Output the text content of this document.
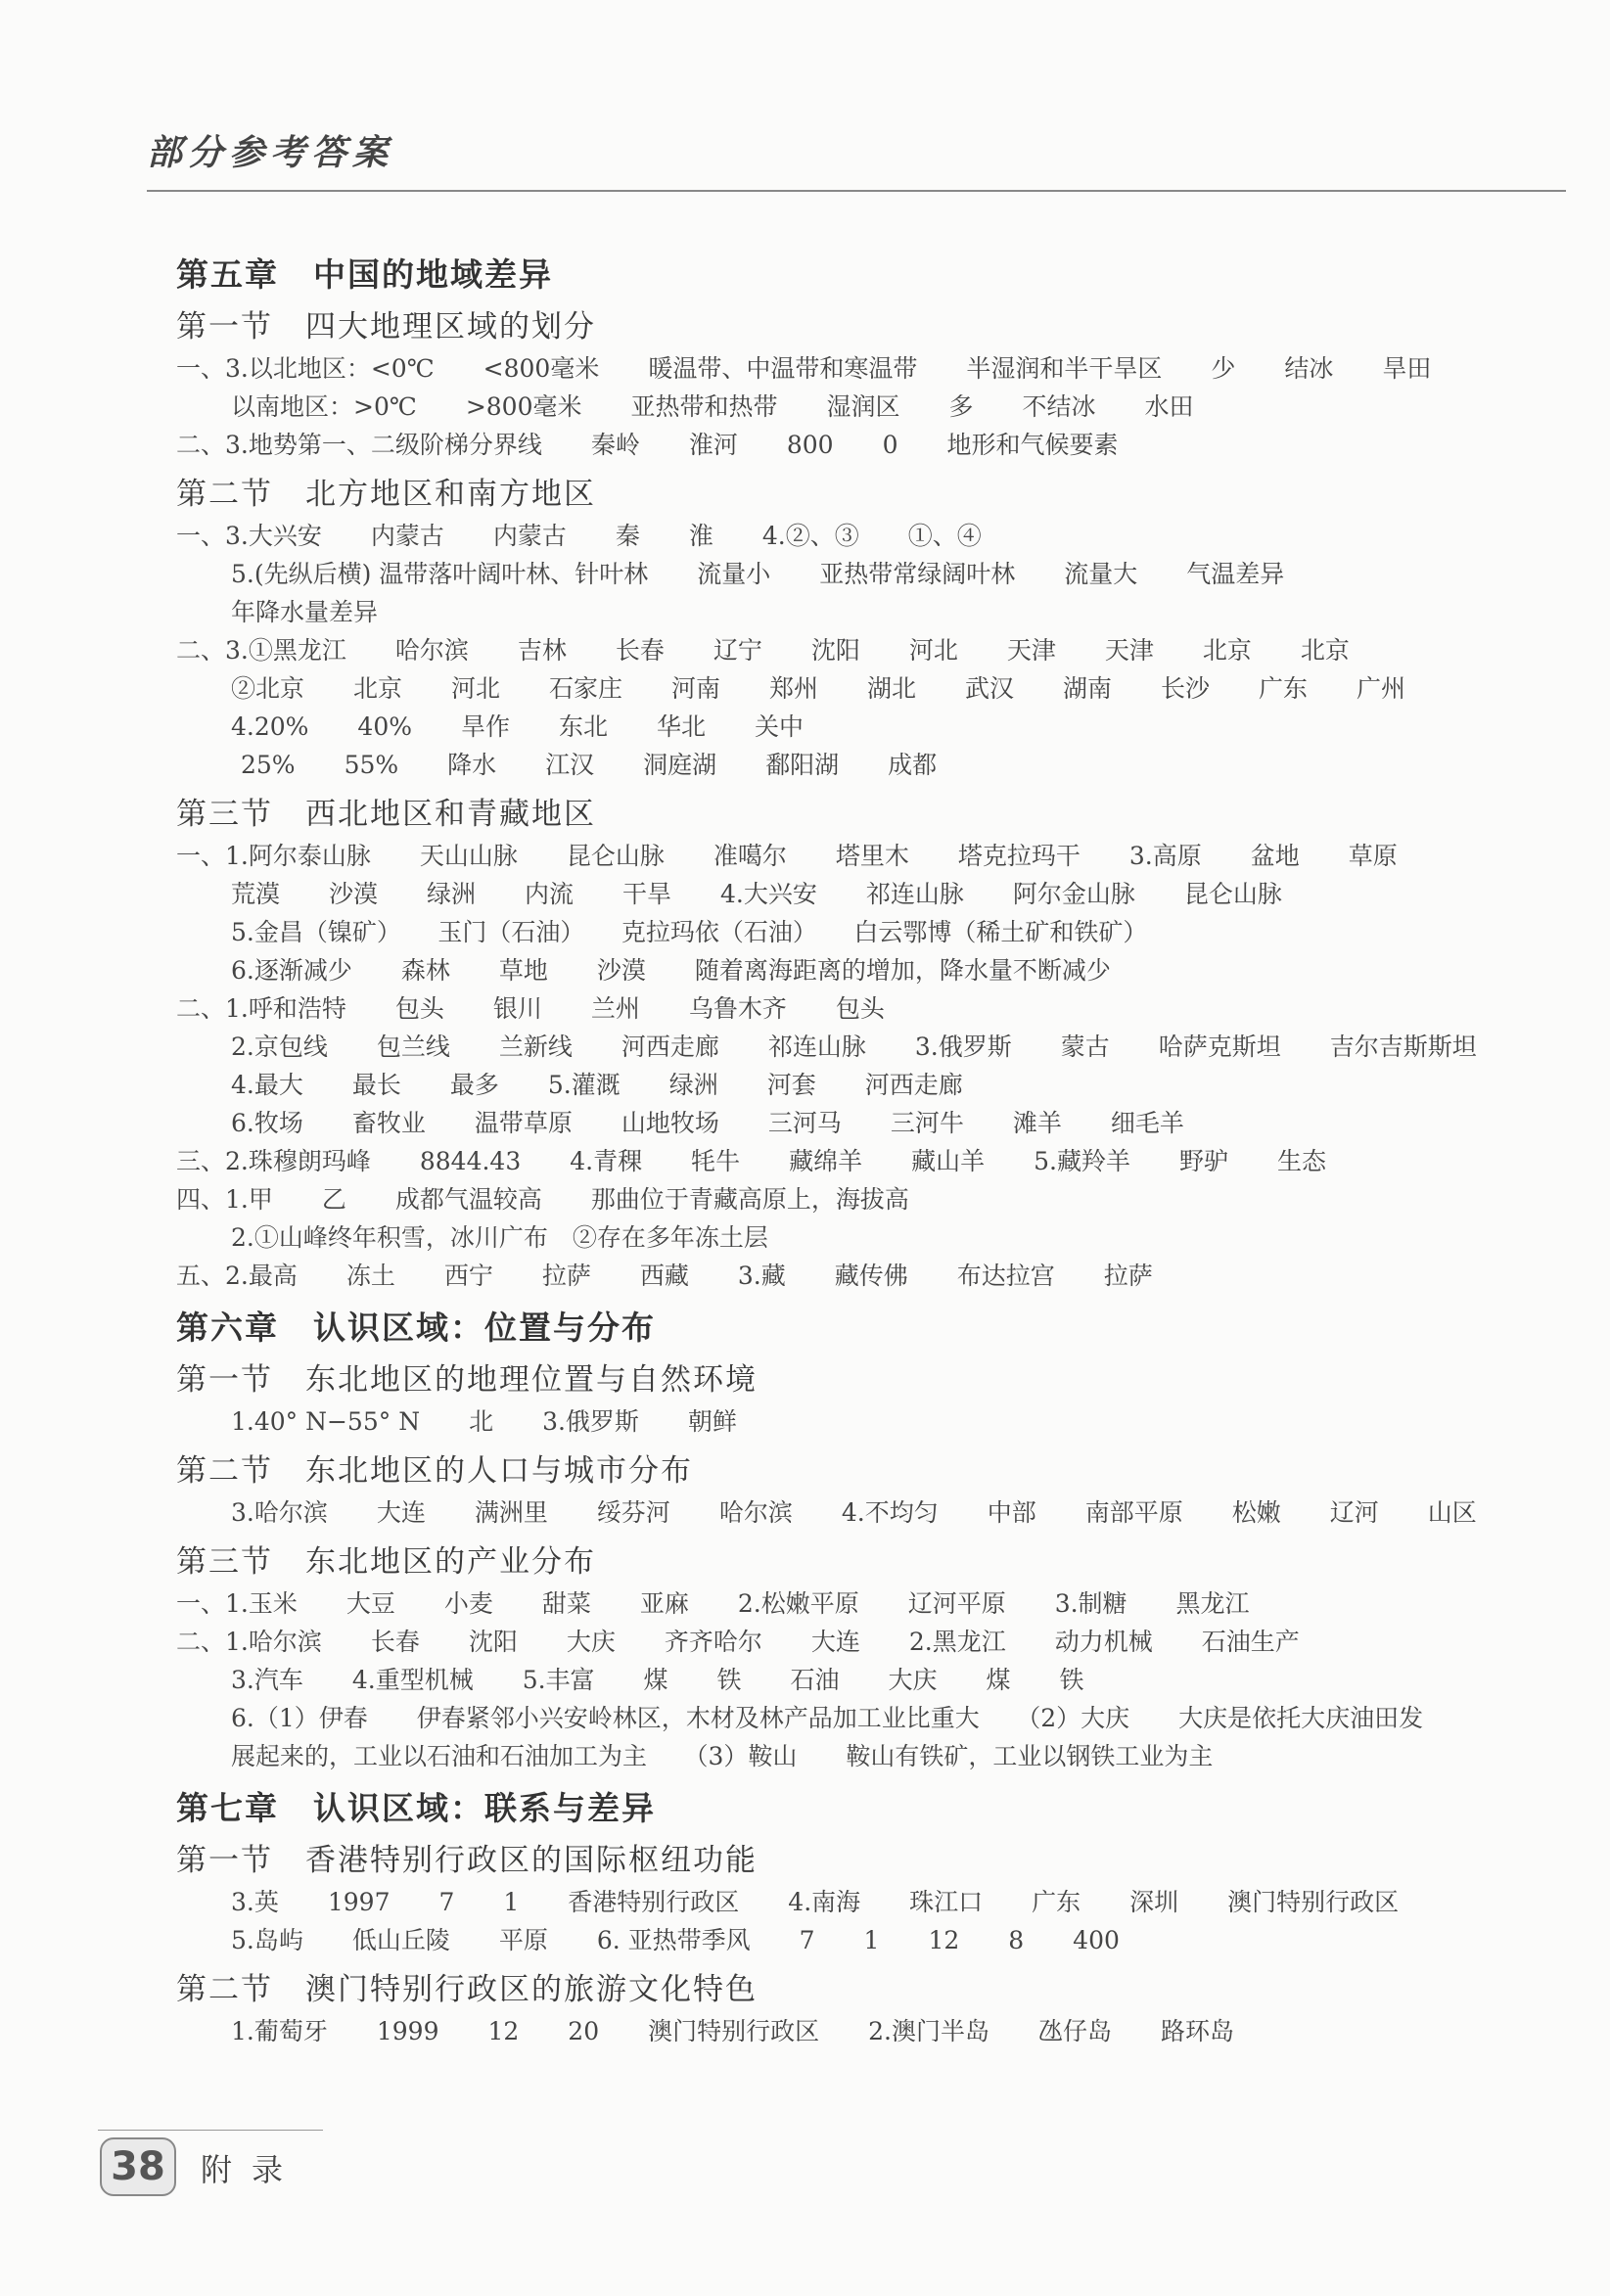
部分参考答案
第五章　中国的地域差异
第一节　四大地理区域的划分
一、3.以北地区：<0℃　　<800毫米　　暖温带、中温带和寒温带　　半湿润和半干旱区　　少　　结冰　　旱田
以南地区：>0℃　　>800毫米　　亚热带和热带　　湿润区　　多　　不结冰　　水田
二、3.地势第一、二级阶梯分界线　　秦岭　　淮河　　800　　0　　地形和气候要素
第二节　北方地区和南方地区
一、3.大兴安　　内蒙古　　内蒙古　　秦　　淮　　4.②、③　　①、④
5.(先纵后横) 温带落叶阔叶林、针叶林　　流量小　　亚热带常绿阔叶林　　流量大　　气温差异
年降水量差异
二、3.①黑龙江　　哈尔滨　　吉林　　长春　　辽宁　　沈阳　　河北　　天津　　天津　　北京　　北京
②北京　　北京　　河北　　石家庄　　河南　　郑州　　湖北　　武汉　　湖南　　长沙　　广东　　广州
4.20%　　40%　　旱作　　东北　　华北　　关中
25%　　55%　　降水　　江汉　　洞庭湖　　鄱阳湖　　成都
第三节　西北地区和青藏地区
一、1.阿尔泰山脉　　天山山脉　　昆仑山脉　　准噶尔　　塔里木　　塔克拉玛干　　3.高原　　盆地　　草原
荒漠　　沙漠　　绿洲　　内流　　干旱　　4.大兴安　　祁连山脉　　阿尔金山脉　　昆仑山脉
5.金昌（镍矿）　　玉门（石油）　　克拉玛依（石油）　　白云鄂博（稀土矿和铁矿）
6.逐渐减少　　森林　　草地　　沙漠　　随着离海距离的增加，降水量不断减少
二、1.呼和浩特　　包头　　银川　　兰州　　乌鲁木齐　　包头
2.京包线　　包兰线　　兰新线　　河西走廊　　祁连山脉　　3.俄罗斯　　蒙古　　哈萨克斯坦　　吉尔吉斯斯坦
4.最大　　最长　　最多　　5.灌溉　　绿洲　　河套　　河西走廊
6.牧场　　畜牧业　　温带草原　　山地牧场　　三河马　　三河牛　　滩羊　　细毛羊
三、2.珠穆朗玛峰　　8844.43　　4.青稞　　牦牛　　藏绵羊　　藏山羊　　5.藏羚羊　　野驴　　生态
四、1.甲　　乙　　成都气温较高　　那曲位于青藏高原上，海拔高
2.①山峰终年积雪，冰川广布　②存在多年冻土层
五、2.最高　　冻土　　西宁　　拉萨　　西藏　　3.藏　　藏传佛　　布达拉宫　　拉萨
第六章　认识区域：位置与分布
第一节　东北地区的地理位置与自然环境
1.40° N−55° N　　北　　3.俄罗斯　　朝鲜
第二节　东北地区的人口与城市分布
3.哈尔滨　　大连　　满洲里　　绥芬河　　哈尔滨　　4.不均匀　　中部　　南部平原　　松嫩　　辽河　　山区
第三节　东北地区的产业分布
一、1.玉米　　大豆　　小麦　　甜菜　　亚麻　　2.松嫩平原　　辽河平原　　3.制糖　　黑龙江
二、1.哈尔滨　　长春　　沈阳　　大庆　　齐齐哈尔　　大连　　2.黑龙江　　动力机械　　石油生产
3.汽车　　4.重型机械　　5.丰富　　煤　　铁　　石油　　大庆　　煤　　铁
6.（1）伊春　　伊春紧邻小兴安岭林区，木材及林产品加工业比重大　　（2）大庆　　大庆是依托大庆油田发
展起来的，工业以石油和石油加工为主　　（3）鞍山　　鞍山有铁矿，工业以钢铁工业为主
第七章　认识区域：联系与差异
第一节　香港特别行政区的国际枢纽功能
3.英　　1997　　7　　1　　香港特别行政区　　4.南海　　珠江口　　广东　　深圳　　澳门特别行政区
5.岛屿　　低山丘陵　　平原　　6. 亚热带季风　　7　　1　　12　　8　　400
第二节　澳门特别行政区的旅游文化特色
1.葡萄牙　　1999　　12　　20　　澳门特别行政区　　2.澳门半岛　　氹仔岛　　路环岛
38	附录
